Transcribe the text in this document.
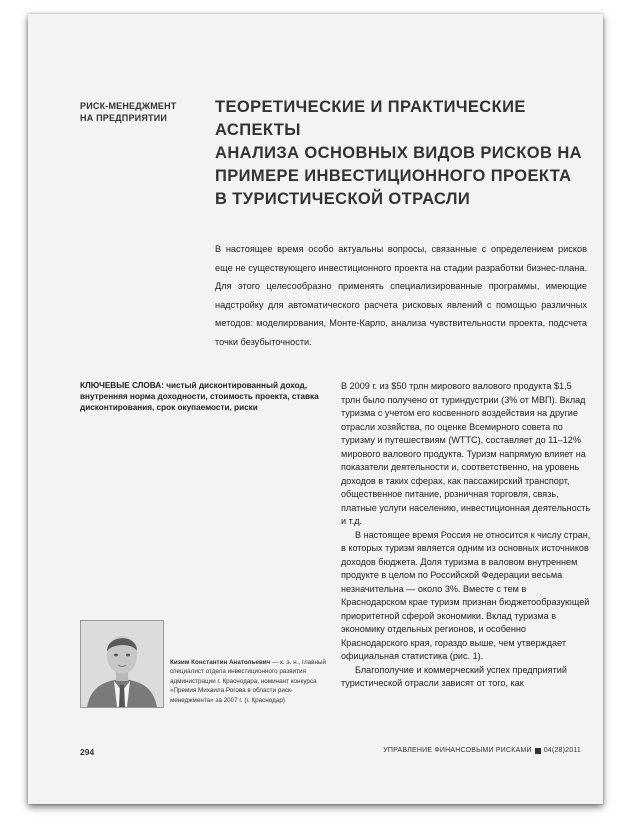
РИСК-МЕНЕДЖМЕНТ
НА ПРЕДПРИЯТИИ
ТЕОРЕТИЧЕСКИЕ И ПРАКТИЧЕСКИЕ АСПЕКТЫ
АНАЛИЗА ОСНОВНЫХ ВИДОВ РИСКОВ НА
ПРИМЕРЕ ИНВЕСТИЦИОННОГО ПРОЕКТА
В ТУРИСТИЧЕСКОЙ ОТРАСЛИ
В настоящее время особо актуальны вопросы, связанные с определением рисков еще не существующего инвестиционного проекта на стадии разработки бизнес-плана. Для этого целесообразно применять специализированные программы, имеющие надстройку для автоматического расчета рисковых явлений с помощью различных методов: моделирования, Монте-Карло, анализа чувствительности проекта, подсчета точки безубыточности.
КЛЮЧЕВЫЕ СЛОВА: чистый дисконтированный доход, внутренняя норма доходности, стоимость проекта, ставка дисконтирования, срок окупаемости, риски

В 2009 г. из $50 трлн мирового валового продукта $1,5 трлн было получено от туриндустрии (3% от МВП). Вклад туризма с учетом его косвенного воздействия на другие отрасли хозяйства, по оценке Всемирного совета по туризму и путешествиям (WTTC), составляет до 11–12% мирового валового продукта. Туризм напрямую влияет на показатели деятельности и, соответственно, на уровень доходов в таких сферах, как пассажирский транспорт, общественное питание, розничная торговля, связь, платные услуги населению, инвестиционная деятельность и т.д.

В настоящее время Россия не относится к числу стран, в которых туризм является одним из основных источников доходов бюджета. Доля туризма в валовом внутреннем продукте в целом по Российской Федерации весьма незначительна — около 3%. Вместе с тем в Краснодарском крае туризм признан бюджетообразующей приоритетной сферой экономики. Вклад туризма в экономику отдельных регионов, и особенно Краснодарского края, гораздо выше, чем утверждает официальная статистика (рис. 1).

Благополучие и коммерческий успех предприятий туристической отрасли зависят от того, как

Кизим Константин Анатольевич — к. э. н., главный специалист отдела инвестиционного развития администрации г. Краснодара, номинант конкурса «Премия Михаила Рогова в области риск-менеджмента» за 2007 г. (г. Краснодар)
294	УПРАВЛЕНИЕ ФИНАНСОВЫМИ РИСКАМИ 04(28)2011
